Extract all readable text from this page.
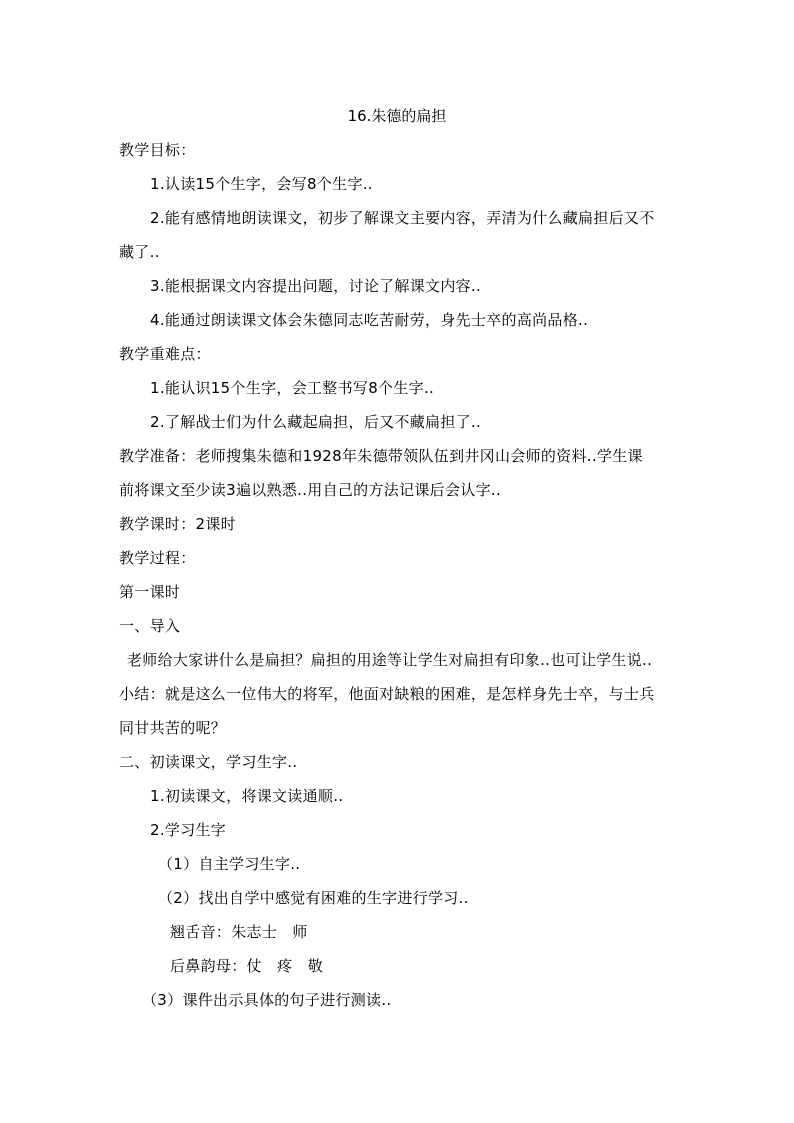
16.朱德的扁担
教学目标：
1.认读15个生字，会写8个生字..
2.能有感情地朗读课文，初步了解课文主要内容，弄清为什么藏扁担后又不
藏了..
3.能根据课文内容提出问题，讨论了解课文内容..
4.能通过朗读课文体会朱德同志吃苦耐劳，身先士卒的高尚品格..
教学重难点：
1.能认识15个生字，会工整书写8个生字..
2.了解战士们为什么藏起扁担，后又不藏扁担了..
教学准备：老师搜集朱德和1928年朱德带领队伍到井冈山会师的资料..学生课
前将课文至少读3遍以熟悉..用自己的方法记课后会认字..
教学课时：2课时
教学过程：
第一课时
一、导入
老师给大家讲什么是扁担？扁担的用途等让学生对扁担有印象..也可让学生说..
小结：就是这么一位伟大的将军，他面对缺粮的困难，是怎样身先士卒，与士兵
同甘共苦的呢？
二、初读课文，学习生字..
1.初读课文，将课文读通顺..
2.学习生字
（1）自主学习生字..
（2）找出自学中感觉有困难的生字进行学习..
翘舌音：朱志士　师
后鼻韵母：仗　疼　敬
（3）课件出示具体的句子进行测读..
